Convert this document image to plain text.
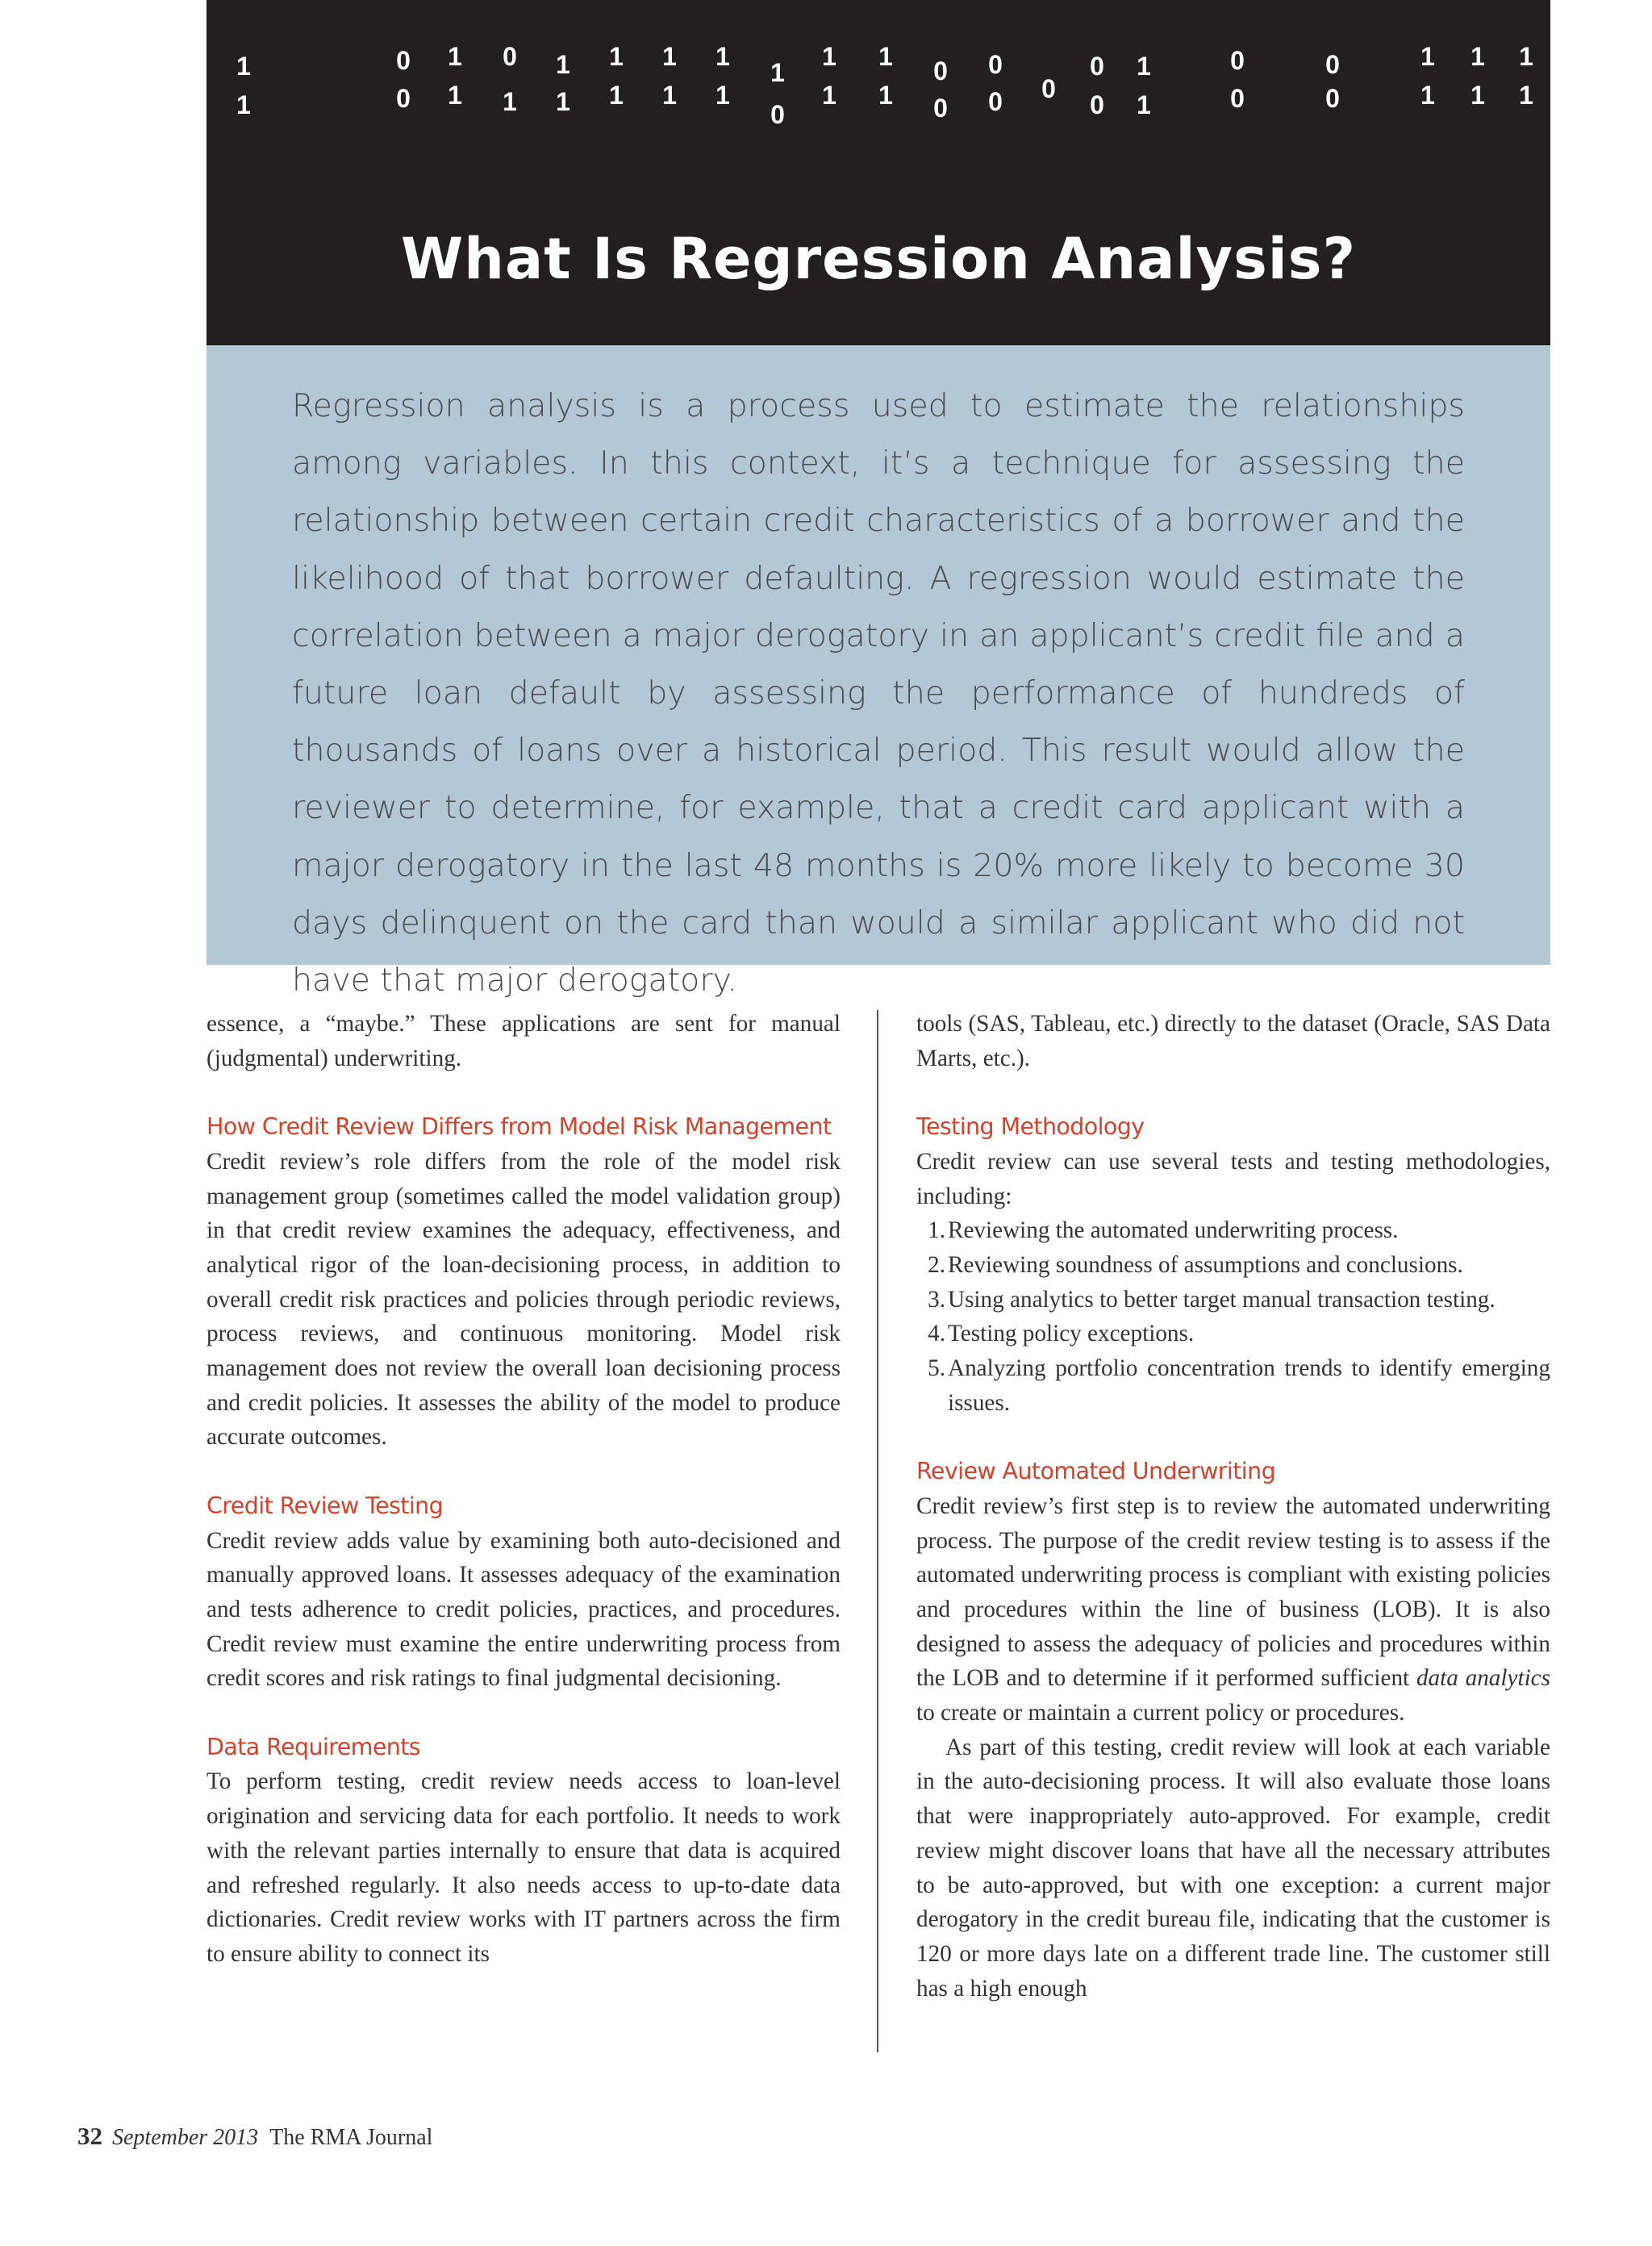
1
1
0
0
1
1
0
1
1
1
1
1
1
1
1
1
1
0
1
1
1
1
0
0
0
0 0
0
0
1
1
0
0
0
0
1
1
1
1
1
1
What Is Regression Analysis?

Regression analysis is a process used to estimate the relationships among variables. In this context, it’s a technique for assessing the relationship between certain credit characteristics of a borrower and the likelihood of that borrower defaulting. A regression would estimate the correlation between a major derogatory in an applicant’s credit file and a future loan default by assessing the performance of hundreds of thousands of loans over a historical period. This result would allow the reviewer to determine, for example, that a credit card applicant with a major derogatory in the last 48 months is 20% more likely to become 30 days delinquent on the card than would a similar applicant who did not have that major derogatory.

essence, a “maybe.” These applications are sent for manual (judgmental) underwriting.

How Credit Review Differs from Model Risk Management

Credit review’s role differs from the role of the model risk management group (sometimes called the model validation group) in that credit review examines the adequacy, effectiveness, and analytical rigor of the loan-decisioning process, in addition to overall credit risk practices and policies through periodic reviews, process reviews, and continuous monitoring. Model risk management does not review the overall loan decisioning process and credit policies. It assesses the ability of the model to produce accurate outcomes.

Credit Review Testing

Credit review adds value by examining both auto-decisioned and manually approved loans. It assesses adequacy of the examination and tests adherence to credit policies, practices, and procedures. Credit review must examine the entire underwriting process from credit scores and risk ratings to final judgmental decisioning.

Data Requirements

To perform testing, credit review needs access to loan-level origination and servicing data for each portfolio. It needs to work with the relevant parties internally to ensure that data is acquired and refreshed regularly. It also needs access to up-to-date data dictionaries. Credit review works with IT partners across the firm to ensure ability to connect its

tools (SAS, Tableau, etc.) directly to the dataset (Oracle, SAS Data Marts, etc.).

Testing Methodology

Credit review can use several tests and testing methodologies, including:

1. Reviewing the automated underwriting process.
2. Reviewing soundness of assumptions and conclusions.
3. Using analytics to better target manual transaction testing.
4. Testing policy exceptions.
5. Analyzing portfolio concentration trends to identify emerging issues.
Review Automated Underwriting

Credit review’s first step is to review the automated underwriting process. The purpose of the credit review testing is to assess if the automated underwriting process is compliant with existing policies and procedures within the line of business (LOB). It is also designed to assess the adequacy of policies and procedures within the LOB and to determine if it performed sufficient data analytics to create or maintain a current policy or procedures.

As part of this testing, credit review will look at each variable in the auto-decisioning process. It will also evaluate those loans that were inappropriately auto-approved. For example, credit review might discover loans that have all the necessary attributes to be auto-approved, but with one exception: a current major derogatory in the credit bureau file, indicating that the customer is 120 or more days late on a different trade line. The customer still has a high enough

32 September 2013 The RMA Journal
